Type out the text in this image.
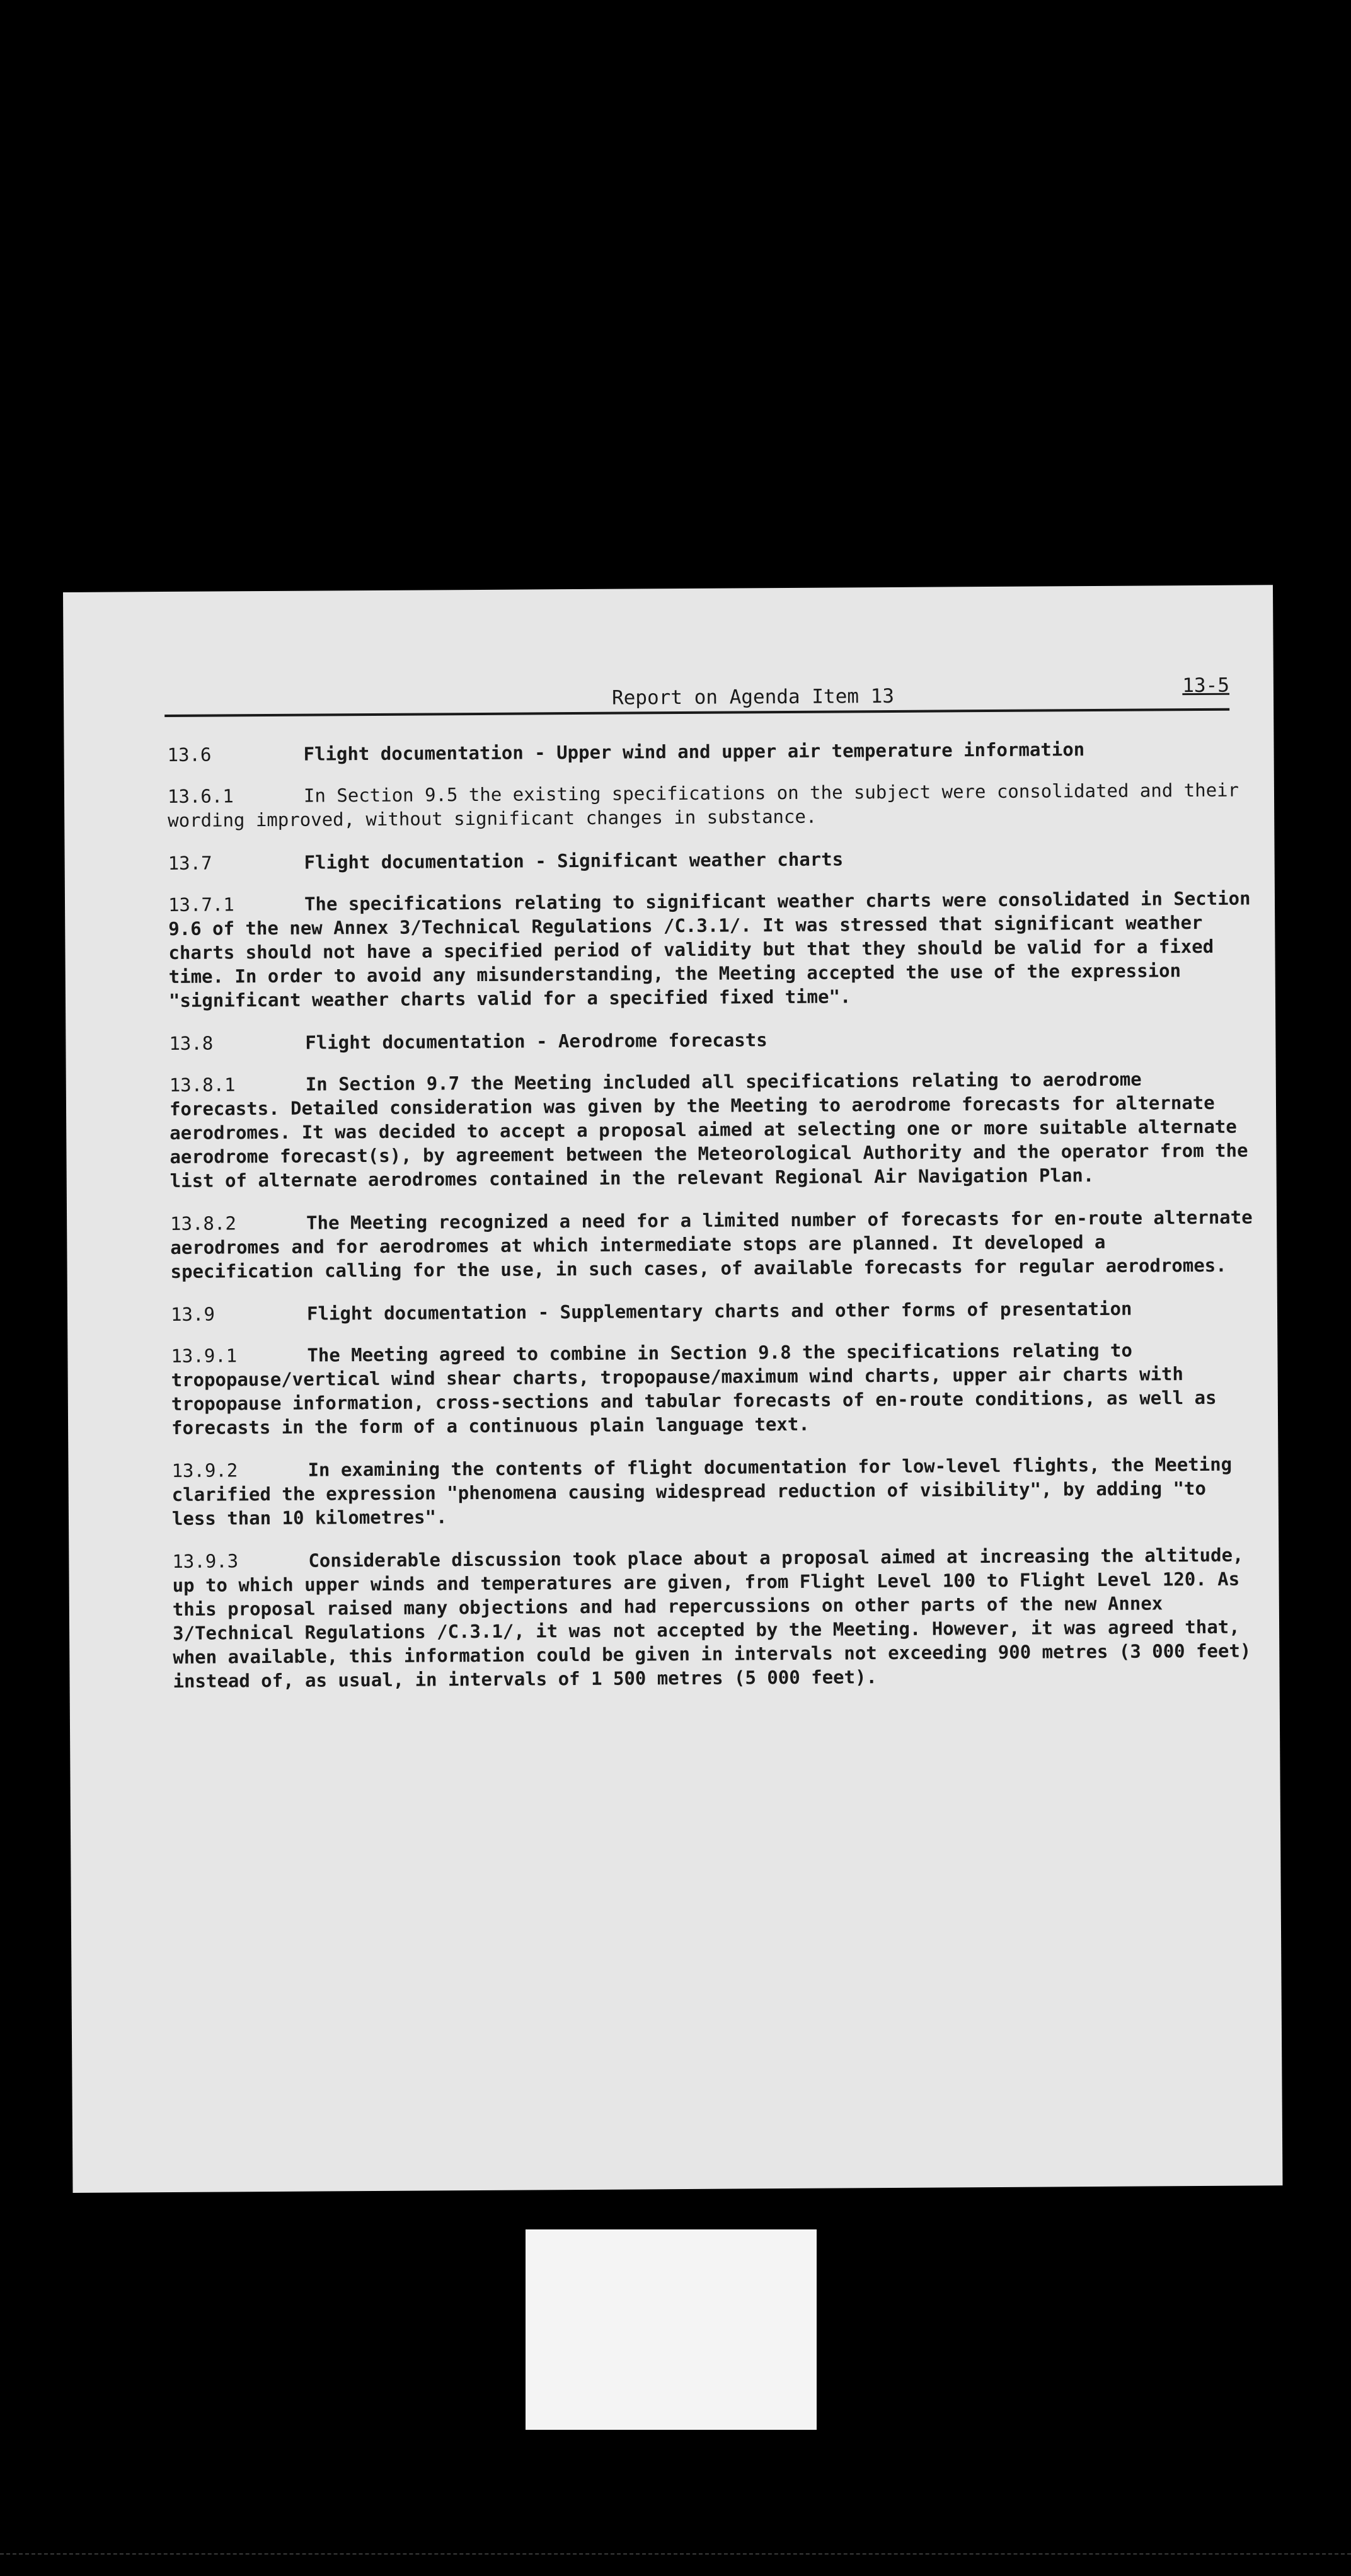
Report on Agenda Item 13	13-5
13.6	Flight documentation - Upper wind and upper air temperature information
13.6.1	In Section 9.5 the existing specifications on the subject were consolidated and their wording improved, without significant changes in substance.
13.7	Flight documentation - Significant weather charts
13.7.1	The specifications relating to significant weather charts were consolidated in Section 9.6 of the new Annex 3/Technical Regulations /C.3.1/. It was stressed that significant weather charts should not have a specified period of validity but that they should be valid for a fixed time. In order to avoid any misunderstanding, the Meeting accepted the use of the expression "significant weather charts valid for a specified fixed time".
13.8	Flight documentation - Aerodrome forecasts
13.8.1	In Section 9.7 the Meeting included all specifications relating to aerodrome forecasts. Detailed consideration was given by the Meeting to aerodrome forecasts for alternate aerodromes. It was decided to accept a proposal aimed at selecting one or more suitable alternate aerodrome forecast(s), by agreement between the Meteorological Authority and the operator from the list of alternate aerodromes contained in the relevant Regional Air Navigation Plan.
13.8.2	The Meeting recognized a need for a limited number of forecasts for en-route alternate aerodromes and for aerodromes at which intermediate stops are planned. It developed a specification calling for the use, in such cases, of available forecasts for regular aerodromes.
13.9	Flight documentation - Supplementary charts and other forms of presentation
13.9.1	The Meeting agreed to combine in Section 9.8 the specifications relating to tropopause/vertical wind shear charts, tropopause/maximum wind charts, upper air charts with tropopause information, cross-sections and tabular forecasts of en-route conditions, as well as forecasts in the form of a continuous plain language text.
13.9.2	In examining the contents of flight documentation for low-level flights, the Meeting clarified the expression "phenomena causing widespread reduction of visibility", by adding "to less than 10 kilometres".
13.9.3	Considerable discussion took place about a proposal aimed at increasing the altitude, up to which upper winds and temperatures are given, from Flight Level 100 to Flight Level 120. As this proposal raised many objections and had repercussions on other parts of the new Annex 3/Technical Regulations /C.3.1/, it was not accepted by the Meeting. However, it was agreed that, when available, this information could be given in intervals not exceeding 900 metres (3 000 feet) instead of, as usual, in intervals of 1 500 metres (5 000 feet).
